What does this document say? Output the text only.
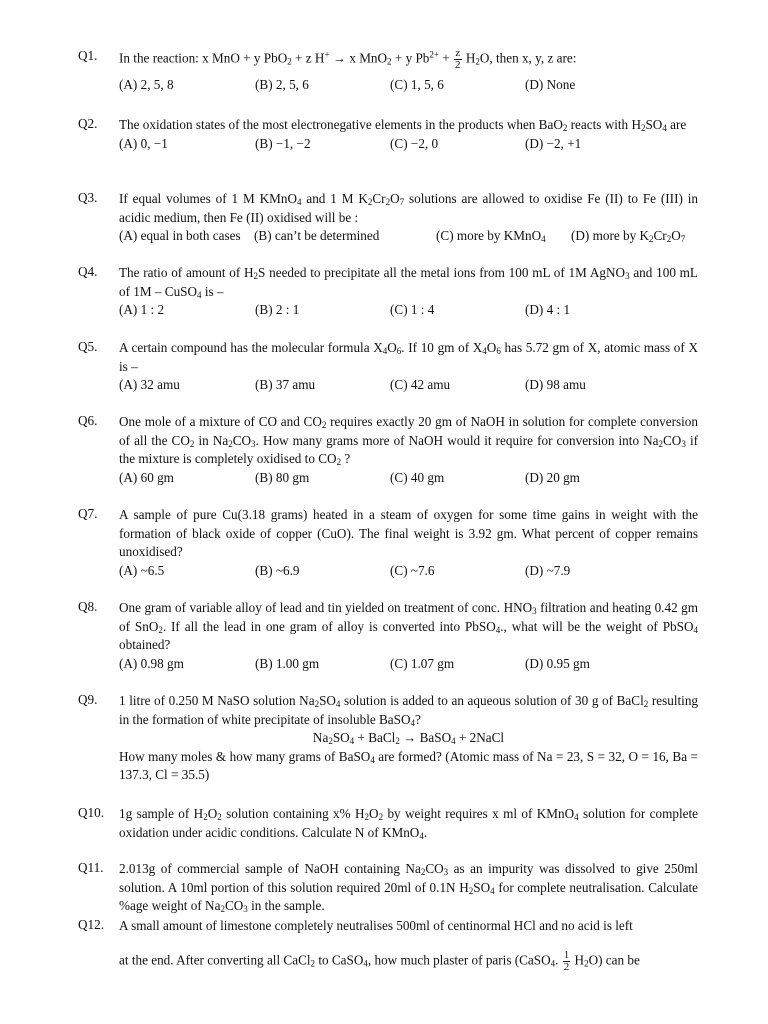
Q1.	In the reaction: x MnO + y PbO$_2$ + z H+ → x MnO$_2$ + y $Pb^{2+} + \frac{z}{2} H_2O$, then x, y, z are:
(A) 2, 5, 8	(B) 2, 5, 6	(C) 1, 5, 6	(D) None
Q2.	The oxidation states of the most electronegative elements in the products when BaO$_2$ reacts with $H_2SO_4$ are
(A) 0, −1	(B) −1, −2	(C) −2, 0	(D) −2, +1
Q3.	If equal volumes of 1 M KMnO$_4$ and 1 M $K_2Cr_2O_7$ solutions are allowed to oxidise Fe (II) to Fe (III) in acidic medium, then Fe (II) oxidised will be :
(A) equal in both cases (B) can’t be determined	(C) more by KMnO$_4$ (D) more by $K_2Cr_2O_7$
Q4.	The ratio of amount of $H_2S$ needed to precipitate all the metal ions from 100 mL of 1M AgNO$_3$ and 100 mL of 1M – CuSO$_4$ is –
(A) 1 : 2	(B) 2 : 1	(C) 1 : 4	(D) 4 : 1
Q5.	A certain compound has the molecular formula $X_4O_6$. If 10 gm of $X_4O_6$ has 5.72 gm of X, atomic mass of X is –
(A) 32 amu	(B) 37 amu	(C) 42 amu	(D) 98 amu
Q6.	One mole of a mixture of CO and $CO_2$ requires exactly 20 gm of NaOH in solution for complete conversion of all the $CO_2$ in $Na_2CO_3$. How many grams more of NaOH would it require for conversion into $Na_2CO_3$ if the mixture is completely oxidised to $CO_2$ ?
(A) 60 gm	(B) 80 gm	(C) 40 gm	(D) 20 gm
Q7.	A sample of pure Cu(3.18 grams) heated in a steam of oxygen for some time gains in weight with the formation of black oxide of copper (CuO). The final weight is 3.92 gm. What percent of copper remains unoxidised?
(A) ~6.5	(B) ~6.9	(C) ~7.6	(D) ~7.9
Q8.	One gram of variable alloy of lead and tin yielded on treatment of conc. $HNO_3$ filtration and heating 0.42 gm of SnO$_2$. If all the lead in one gram of alloy is converted into PbSO$_4$., what will be the weight of PbSO$_4$ obtained?
(A) 0.98 gm	(B) 1.00 gm	(C) 1.07 gm	(D) 0.95 gm
Q9.	1 litre of 0.250 M NaSO solution $Na_2SO_4$ solution is added to an aqueous solution of 30 g of BaCl$_2$ resulting in the formation of white precipitate of insoluble BaSO$_4$?
$Na_2SO_4$ + BaCl$_2$ → BaSO$_4$ + 2NaCl
How many moles & how many grams of BaSO$_4$ are formed? (Atomic mass of Na = 23, S = 32, O = 16, Ba = 137.3, Cl = 35.5)
Q10.	1g sample of $H_2O_2$ solution containing x% $H_2O_2$ by weight requires x ml of KMnO$_4$ solution for complete oxidation under acidic conditions. Calculate N of KMnO$_4$.
Q11.	2.013g of commercial sample of NaOH containing $Na_2CO_3$ as an impurity was dissolved to give 250ml solution. A 10ml portion of this solution required 20ml of 0.1N $H_2SO_4$ for complete neutralisation. Calculate %age weight of $Na_2CO_3$ in the sample.
Q12.	A small amount of limestone completely neutralises 500ml of centinormal HCl and no acid is left
at the end. After converting all CaCl$_2$ to CaSO$_4$, how much plaster of paris (CaSO$_4$. $\frac{1}{2} H_2O$) can be
